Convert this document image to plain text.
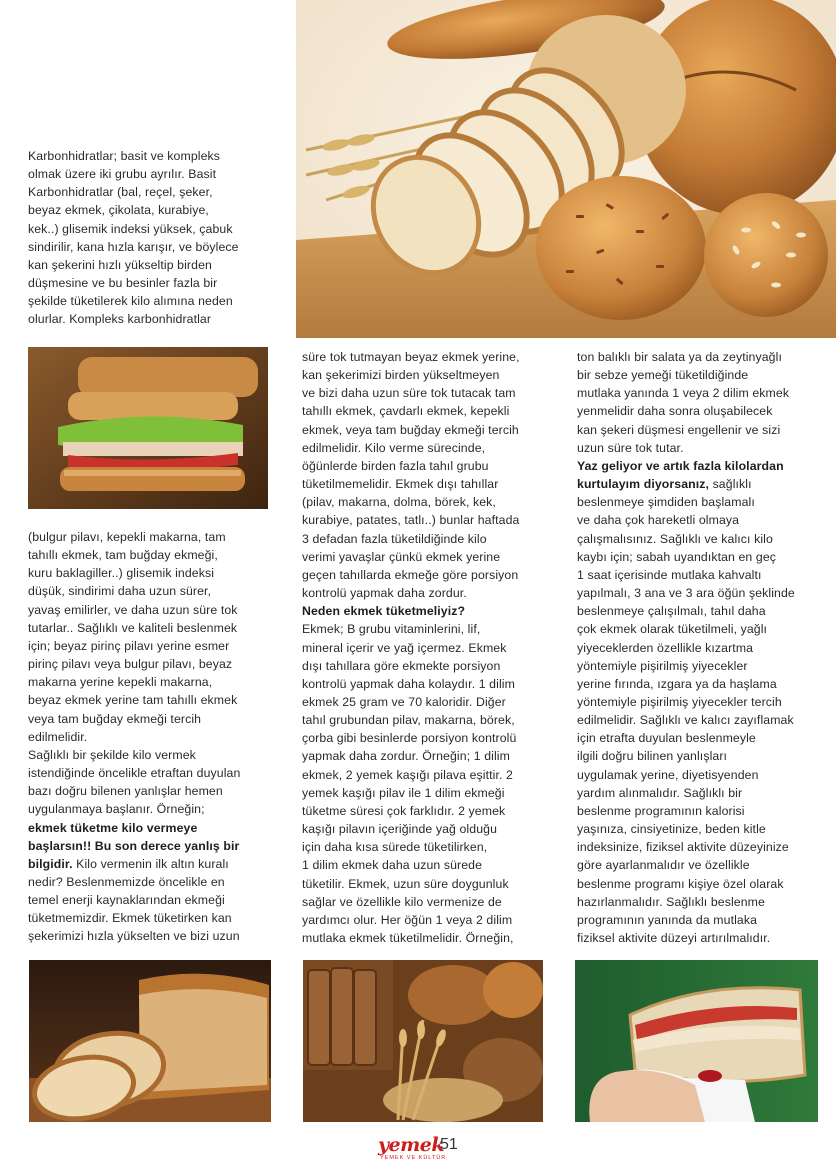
Karbonhidratlar; basit ve kompleks

olmak üzere iki grubu ayrılır. Basit

Karbonhidratlar (bal, reçel, şeker,

beyaz ekmek, çikolata, kurabiye,

kek..) glisemik indeksi yüksek, çabuk

sindirilir, kana hızla karışır, ve böylece

kan şekerini hızlı yükseltip birden

düşmesine ve bu besinler fazla bir

şekilde tüketilerek kilo alımına neden

olurlar. Kompleks karbonhidratlar

(bulgur pilavı, kepekli makarna, tam

tahıllı ekmek, tam buğday ekmeği,

kuru baklagiller..) glisemik indeksi

düşük, sindirimi daha uzun sürer,

yavaş emilirler, ve daha uzun süre tok

tutarlar.. Sağlıklı ve kaliteli beslenmek

için; beyaz pirinç pilavı yerine esmer

pirinç pilavı veya bulgur pilavı, beyaz

makarna yerine kepekli makarna,

beyaz ekmek yerine tam tahıllı ekmek

veya tam buğday ekmeği tercih

edilmelidir.

Sağlıklı bir şekilde kilo vermek

istendiğinde öncelikle etraftan duyulan

bazı doğru bilenen yanlışlar hemen

uygulanmaya başlanır. Örneğin;

ekmek tüketme kilo vermeye

başlarsın!! Bu son derece yanlış bir

bilgidir. Kilo vermenin ilk altın kuralı

nedir? Beslenmemizde öncelikle en

temel enerji kaynaklarından ekmeği

tüketmemizdir. Ekmek tüketirken kan

şekerimizi hızla yükselten ve bizi uzun

süre tok tutmayan beyaz ekmek yerine,

kan şekerimizi birden yükseltmeyen

ve bizi daha uzun süre tok tutacak tam

tahıllı ekmek, çavdarlı ekmek, kepekli

ekmek, veya tam buğday ekmeği tercih

edilmelidir. Kilo verme sürecinde,

öğünlerde birden fazla tahıl grubu

tüketilmemelidir. Ekmek dışı tahıllar

(pilav, makarna, dolma, börek, kek,

kurabiye, patates, tatlı..) bunlar haftada

3 defadan fazla tüketildiğinde kilo

verimi yavaşlar çünkü ekmek yerine

geçen tahıllarda ekmeğe göre porsiyon

kontrolü yapmak daha zordur.

Neden ekmek tüketmeliyiz?

Ekmek; B grubu vitaminlerini, lif,

mineral içerir ve yağ içermez. Ekmek

dışı tahıllara göre ekmekte porsiyon

kontrolü yapmak daha kolaydır. 1 dilim

ekmek 25 gram ve 70 kaloridir. Diğer

tahıl grubundan pilav, makarna, börek,

çorba gibi besinlerde porsiyon kontrolü

yapmak daha zordur. Örneğin; 1 dilim

ekmek, 2 yemek kaşığı pilava eşittir. 2

yemek kaşığı pilav ile 1 dilim ekmeği

tüketme süresi çok farklıdır. 2 yemek

kaşığı pilavın içeriğinde yağ olduğu

için daha kısa sürede tüketilirken,

1 dilim ekmek daha uzun sürede

tüketilir. Ekmek, uzun süre doygunluk

sağlar ve özellikle kilo vermenize de

yardımcı olur. Her öğün 1 veya 2 dilim

mutlaka ekmek tüketilmelidir. Örneğin,

ton balıklı bir salata ya da zeytinyağlı

bir sebze yemeği tüketildiğinde

mutlaka yanında 1 veya 2 dilim ekmek

yenmelidir daha sonra oluşabilecek

kan şekeri düşmesi engellenir ve sizi

uzun süre tok tutar.

Yaz geliyor ve artık fazla kilolardan

kurtulayım diyorsanız, sağlıklı

beslenmeye şimdiden başlamalı

ve daha çok hareketli olmaya

çalışmalısınız. Sağlıklı ve kalıcı kilo

kaybı için; sabah uyandıktan en geç

1 saat içerisinde mutlaka kahvaltı

yapılmalı, 3 ana ve 3 ara öğün şeklinde

beslenmeye çalışılmalı, tahıl daha

çok ekmek olarak tüketilmeli, yağlı

yiyeceklerden özellikle kızartma

yöntemiyle pişirilmiş yiyecekler

yerine fırında, ızgara ya da haşlama

yöntemiyle pişirilmiş yiyecekler tercih

edilmelidir. Sağlıklı ve kalıcı zayıflamak

için etrafta duyulan beslenmeyle

ilgili doğru bilinen yanlışları

uygulamak yerine, diyetisyenden

yardım alınmalıdır. Sağlıklı bir

beslenme programının kalorisi

yaşınıza, cinsiyetinize, beden kitle

indeksinize, fiziksel aktivite düzeyinize

göre ayarlanmalıdır ve özellikle

beslenme programı kişiye özel olarak

hazırlanmalıdır. Sağlıklı beslenme

programının yanında da mutlaka

fiziksel aktivite düzeyi artırılmalıdır.

yemek
YEMEK VE KÜLTÜR
51
